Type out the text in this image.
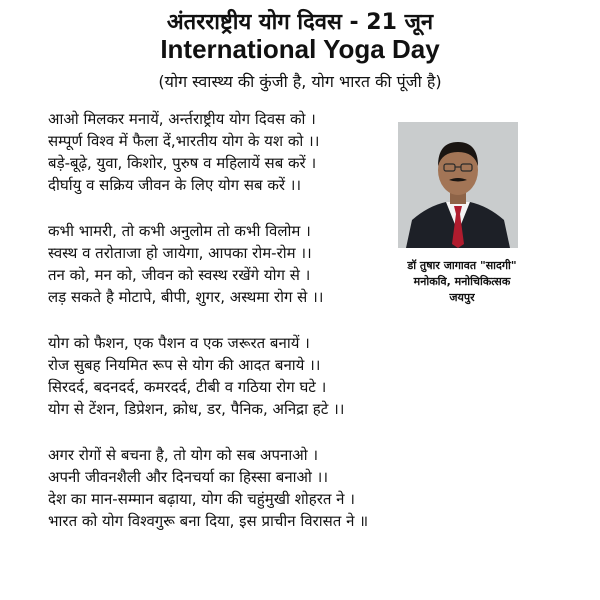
अंतरराष्ट्रीय योग दिवस - 21 जून
International Yoga Day
(योग स्वास्थ्य की कुंजी है, योग भारत की पूंजी है)
आओ मिलकर मनायें, अर्न्तराष्ट्रीय योग दिवस को ।
सम्पूर्ण विश्व में फैला दें,भारतीय योग के यश को ।।
बड़े-बूढ़े, युवा, किशोर, पुरुष व महिलायें सब करें ।
दीर्घायु व सक्रिय जीवन के लिए योग सब करें ।।
कभी भामरी, तो कभी अनुलोम तो कभी विलोम ।
स्वस्थ व तरोताजा हो जायेगा, आपका रोम-रोम ।।
तन को, मन को, जीवन को स्वस्थ रखेंगे योग से ।
लड़ सकते है मोटापे, बीपी, शुगर, अस्थमा रोग से ।।
योग को फैशन, एक पैशन व एक जरूरत बनायें ।
रोज सुबह नियमित रूप से योग की आदत बनाये ।।
सिरदर्द, बदनदर्द, कमरदर्द, टीबी व गठिया रोग घटे ।
योग से टेंशन, डिप्रेशन, क्रोध, डर, पैनिक, अनिद्रा हटे ।।
अगर रोगों से बचना है, तो योग को सब अपनाओ ।
अपनी जीवनशैली और दिनचर्या का हिस्सा बनाओ ।।
देश का मान-सम्मान बढ़ाया, योग की चहुंमुखी शोहरत ने ।
भारत को योग विश्वगुरू बना दिया, इस प्राचीन विरासत ने ॥
डॉ तुषार जागावत "सादगी"
मनोकवि, मनोचिकित्सक
जयपुर
